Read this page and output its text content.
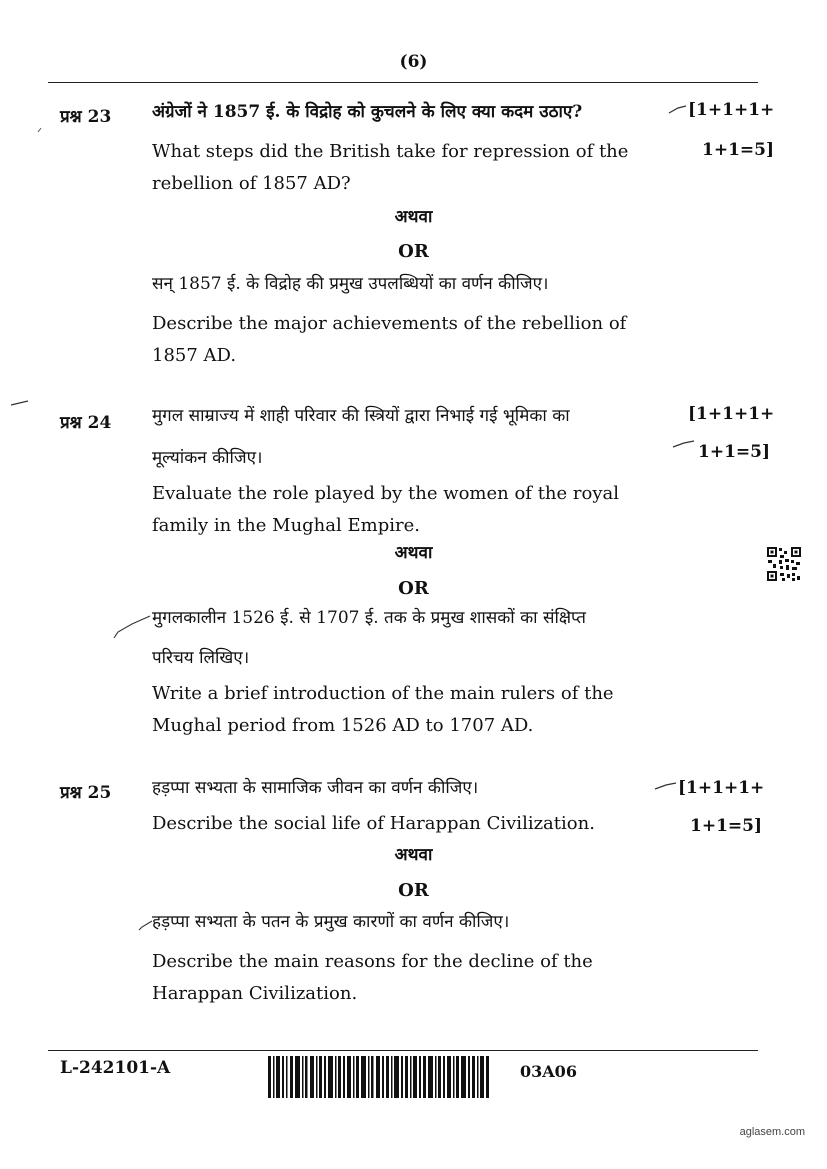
(6)
प्रश्न 23 अंग्रेजों ने 1857 ई. के विद्रोह को कुचलने के लिए क्या कदम उठाए?	[1+1+1+
What steps did the British take for repression of the rebellion of 1857 AD?
1+1=5]
अथवा
OR
सन् 1857 ई. के विद्रोह की प्रमुख उपलब्धियों का वर्णन कीजिए।
Describe the major achievements of the rebellion of 1857 AD.
प्रश्न 24 मुगल साम्राज्य में शाही परिवार की स्त्रियों द्वारा निभाई गई भूमिका का	[1+1+1+
मूल्यांकन कीजिए।	1+1=5]
Evaluate the role played by the women of the royal family in the Mughal Empire.
अथवा
OR
मुगलकालीन 1526 ई. से 1707 ई. तक के प्रमुख शासकों का संक्षिप्त
परिचय लिखिए।
Write a brief introduction of the main rulers of the Mughal period from 1526 AD to 1707 AD.
प्रश्न 25 हड़प्पा सभ्यता के सामाजिक जीवन का वर्णन कीजिए।	[1+1+1+
Describe the social life of Harappan Civilization.	1+1=5]
अथवा
OR
हड़प्पा सभ्यता के पतन के प्रमुख कारणों का वर्णन कीजिए।
Describe the main reasons for the decline of the Harappan Civilization.
L-242101-A	03A06
aglasem.com
